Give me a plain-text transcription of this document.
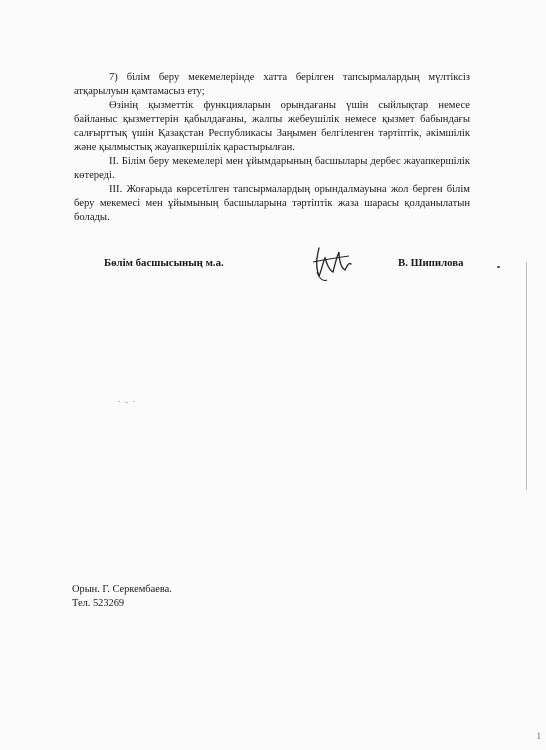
7) білім беру мекемелерінде хатта берілген тапсырмалардың мүлтіксіз атқарылуын қамтамасыз ету;

Өзінің қызметтік функцияларын орындағаны үшін сыйлықтар немесе байланыс қызметтерін қабылдағаны, жалпы жебеушілік немесе қызмет бабындағы салғырттық үшін Қазақстан Республикасы Заңымен белгіленген тәртіптік, әкімшілік және қылмыстық жауапкершілік қарастырылған.

II. Білім беру мекемелері мен ұйымдарының басшылары дербес жауапкершілік көтереді.

III. Жоғарыда көрсетілген тапсырмалардың орындалмауына жол берген білім беру мекемесі мен ұйымының басшыларына тәртіптік жаза шарасы қолданылатын болады.

Бөлім басшысының м.а.	В. Шипилова
Орын. Г. Серкембаева.
Тел. 523269
1
